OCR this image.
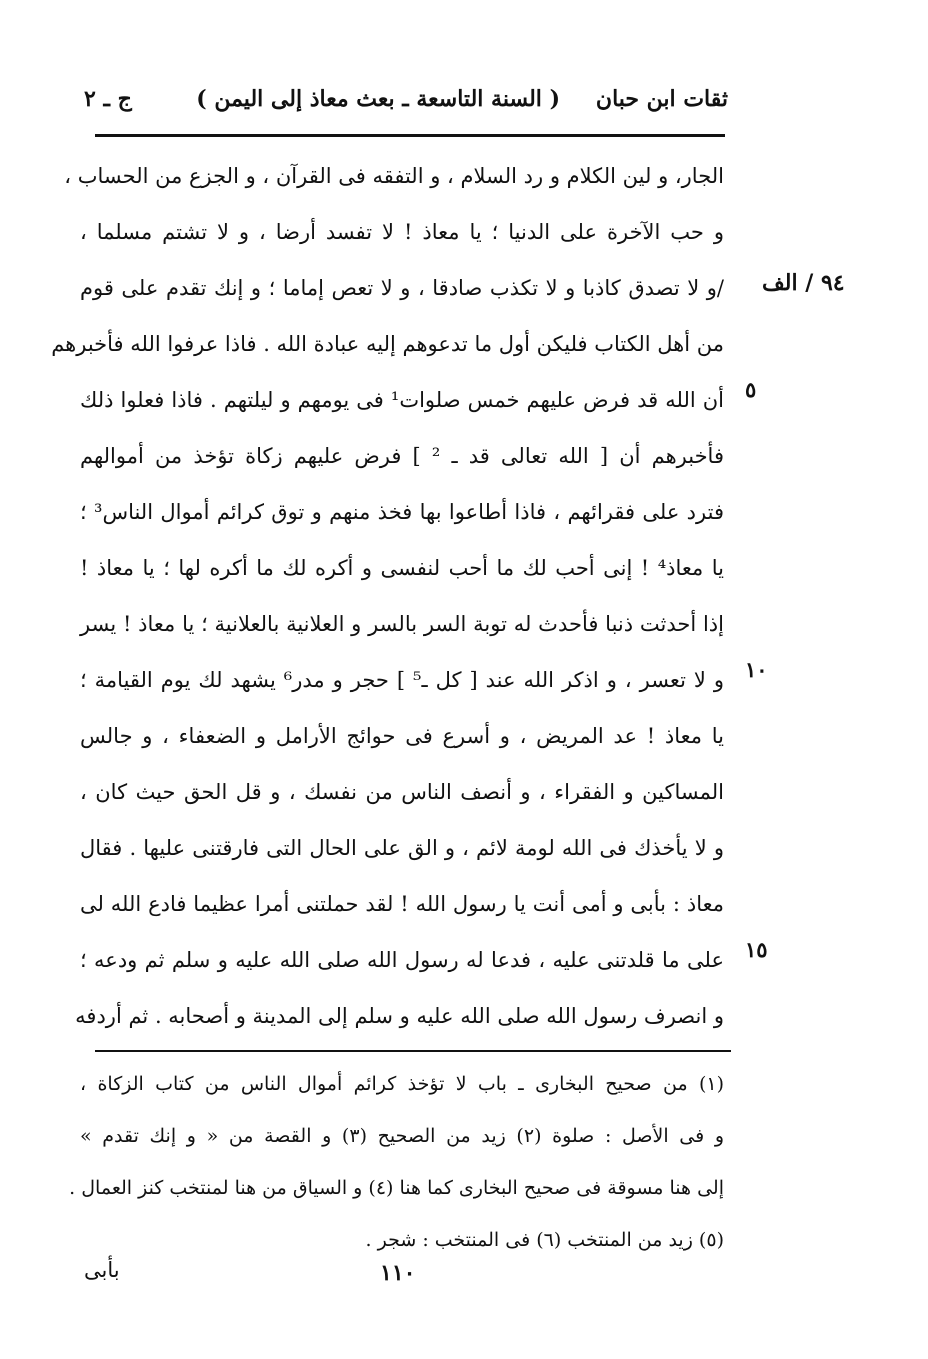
ثقات ابن حبان
( السنة التاسعة ـ بعث معاذ إلى اليمن )
ج ـ ٢
٩٤ / الف
٥
١٠
١٥
الجار، و لين الكلام و رد السلام ، و التفقه فى القرآن ، و الجزع من الحساب ،
و حب الآخرة على الدنيا ؛ يا معاذ ! لا تفسد أرضا ، و لا تشتم مسلما ،
/و لا تصدق كاذبا و لا تكذب صادقا ، و لا تعص إماما ؛ و إنك تقدم على قوم
من أهل الكتاب فليكن أول ما تدعوهم إليه عبادة الله . فاذا عرفوا الله فأخبرهم
أن الله قد فرض عليهم خمس صلوات¹ فى يومهم و ليلتهم . فاذا فعلوا ذلك
فأخبرهم أن [ الله تعالى قد ـ ² ] فرض عليهم زكاة تؤخذ من أموالهم
فترد على فقرائهم ، فاذا أطاعوا بها فخذ منهم و توق كرائم أموال الناس³ ؛
يا معاذ⁴ ! إنى أحب لك ما أحب لنفسى و أكره لك ما أكره لها ؛ يا معاذ !
إذا أحدثت ذنبا فأحدث له توبة السر بالسر و العلانية بالعلانية ؛ يا معاذ ! يسر
و لا تعسر ، و اذكر الله عند [ كل ـ⁵ ] حجر و مدر⁶ يشهد لك يوم القيامة ؛
يا معاذ ! عد المريض ، و أسرع فى حوائج الأرامل و الضعفاء ، و جالس
المساكين و الفقراء ، و أنصف الناس من نفسك ، و قل الحق حيث كان ،
و لا يأخذك فى الله لومة لائم ، و الق على الحال التى فارقتنى عليها . فقال
معاذ : بأبى و أمى أنت يا رسول الله ! لقد حملتنى أمرا عظيما فادع الله لى
على ما قلدتنى عليه ، فدعا له رسول الله صلى الله عليه و سلم ثم ودعه ؛
و انصرف رسول الله صلى الله عليه و سلم إلى المدينة و أصحابه . ثم أردفه
(١) من صحيح البخارى ـ باب لا تؤخذ كرائم أموال الناس من كتاب الزكاة ،
و فى الأصل : صلوة (٢) زيد من الصحيح (٣) و القصة من « و إنك تقدم »
إلى هنا مسوقة فى صحيح البخارى كما هنا (٤) و السياق من هنا لمنتخب كنز العمال .
(٥) زيد من المنتخب (٦) فى المنتخب : شجر .
١١٠
بأبى
